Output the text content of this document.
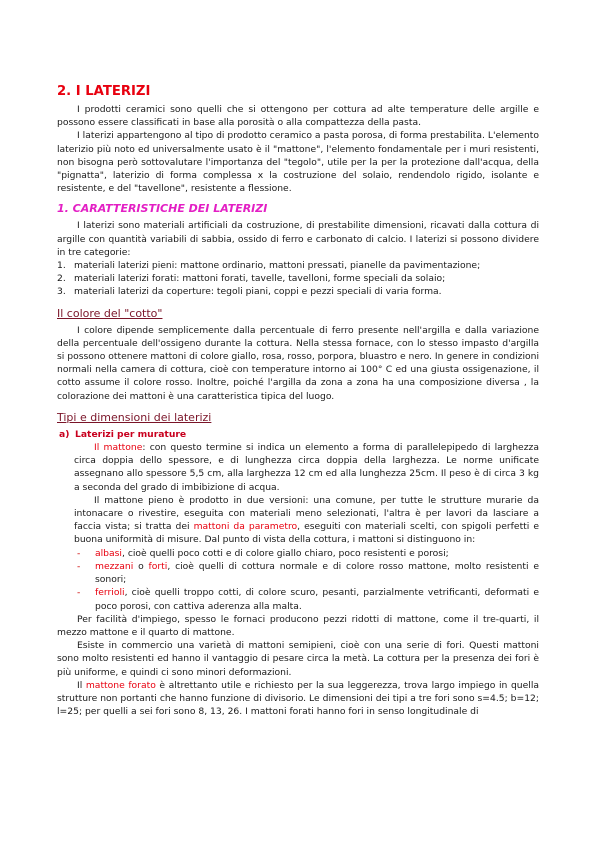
2. I LATERIZI

I prodotti ceramici sono quelli che si ottengono per cottura ad alte temperature delle argille e possono essere classificati in base alla porosità o alla compattezza della pasta.

I laterizi appartengono al tipo di prodotto ceramico a pasta porosa, di forma prestabilita. L'elemento laterizio più noto ed universalmente usato è il "mattone", l'elemento fondamentale per i muri resistenti, non bisogna però sottovalutare l'importanza del "tegolo", utile per la per la protezione dall'acqua, della "pignatta", laterizio di forma complessa x la costruzione del solaio, rendendolo rigido, isolante e resistente, e del "tavellone", resistente a flessione.

1. CARATTERISTICHE DEI LATERIZI

I laterizi sono materiali artificiali da costruzione, di prestabilite dimensioni, ricavati dalla cottura di argille con quantità variabili di sabbia, ossido di ferro e carbonato di calcio. I laterizi si possono dividere in tre categorie:

1. materiali laterizi pieni: mattone ordinario, mattoni pressati, pianelle da pavimentazione;
2. materiali laterizi forati: mattoni forati, tavelle, tavelloni, forme speciali da solaio;
3. materiali laterizi da coperture: tegoli piani, coppi e pezzi speciali di varia forma.
Il colore del "cotto"

I colore dipende semplicemente dalla percentuale di ferro presente nell'argilla e dalla variazione della percentuale dell'ossigeno durante la cottura. Nella stessa fornace, con lo stesso impasto d'argilla si possono ottenere mattoni di colore giallo, rosa, rosso, porpora, bluastro e nero. In genere in condizioni normali nella camera di cottura, cioè con temperature intorno ai 100° C ed una giusta ossigenazione, il cotto assume il colore rosso. Inoltre, poiché l'argilla da zona a zona ha una composizione diversa , la colorazione dei mattoni è una caratteristica tipica del luogo.

Tipi e dimensioni dei laterizi
a) Laterizi per murature

Il mattone: con questo termine si indica un elemento a forma di parallelepipedo di larghezza circa doppia dello spessore, e di lunghezza circa doppia della larghezza. Le norme unificate assegnano allo spessore 5,5 cm, alla larghezza 12 cm ed alla lunghezza 25cm. Il peso è di circa 3 kg a seconda del grado di imbibizione di acqua.

Il mattone pieno è prodotto in due versioni: una comune, per tutte le strutture murarie da intonacare o rivestire, eseguita con materiali meno selezionati, l'altra è per lavori da lasciare a faccia vista; si tratta dei mattoni da parametro, eseguiti con materiali scelti, con spigoli perfetti e buona uniformità di misure. Dal punto di vista della cottura, i mattoni si distinguono in:

- albasi, cioè quelli poco cotti e di colore giallo chiaro, poco resistenti e porosi;
- mezzani o forti, cioè quelli di cottura normale e di colore rosso mattone, molto resistenti e sonori;
- ferrioli, cioè quelli troppo cotti, di colore scuro, pesanti, parzialmente vetrificanti, deformati e poco porosi, con cattiva aderenza alla malta.

Per facilità d'impiego, spesso le fornaci producono pezzi ridotti di mattone, come il tre-quarti, il mezzo mattone e il quarto di mattone.

Esiste in commercio una varietà di mattoni semipieni, cioè con una serie di fori. Questi mattoni sono molto resistenti ed hanno il vantaggio di pesare circa la metà. La cottura per la presenza dei fori è più uniforme, e quindi ci sono minori deformazioni.

Il mattone forato è altrettanto utile e richiesto per la sua leggerezza, trova largo impiego in quella strutture non portanti che hanno funzione di divisorio. Le dimensioni dei tipi a tre fori sono s=4.5; b=12; l=25; per quelli a sei fori sono 8, 13, 26. I mattoni forati hanno fori in senso longitudinale di
